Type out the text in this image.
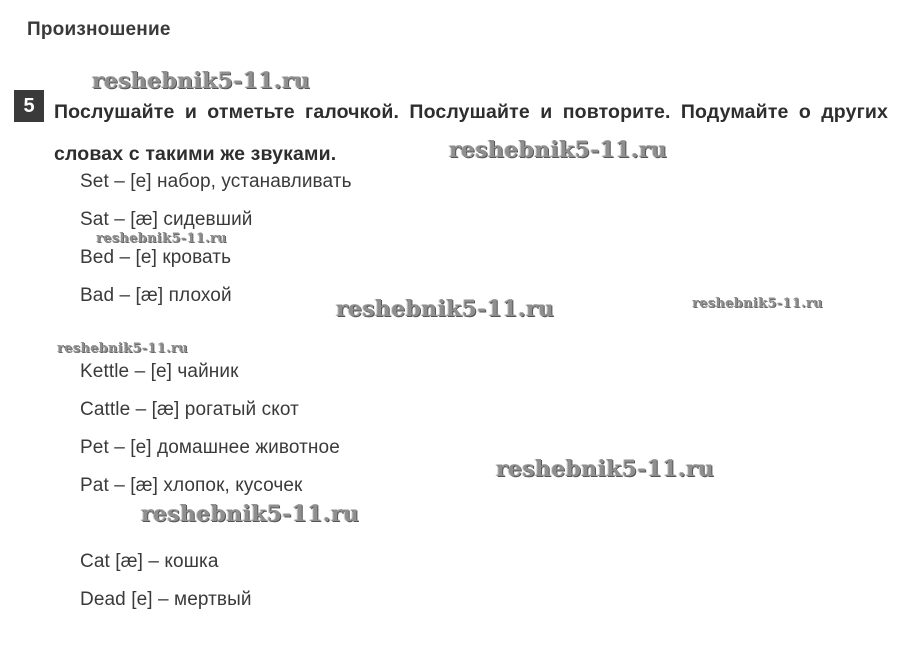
Произношение
reshebnik5-11.ru
5 Послушайте и отметьте галочкой. Послушайте и повторите. Подумайте о других словах с такими же звуками.	reshebnik5-11.ru
Set – [e] набор, устанавливать
Sat – [æ] сидевший
reshebnik5-11.ru
Bed – [e] кровать
Bad – [æ] плохой
reshebnik5-11.ru	reshebnik5-11.ru
reshebnik5-11.ru
Kettle – [e] чайник
Cattle – [æ] рогатый скот
Pet – [e] домашнее животное
reshebnik5-11.ru
Pat – [æ] хлопок, кусочек
reshebnik5-11.ru
Cat [æ] – кошка
Dead [e] – мертвый
